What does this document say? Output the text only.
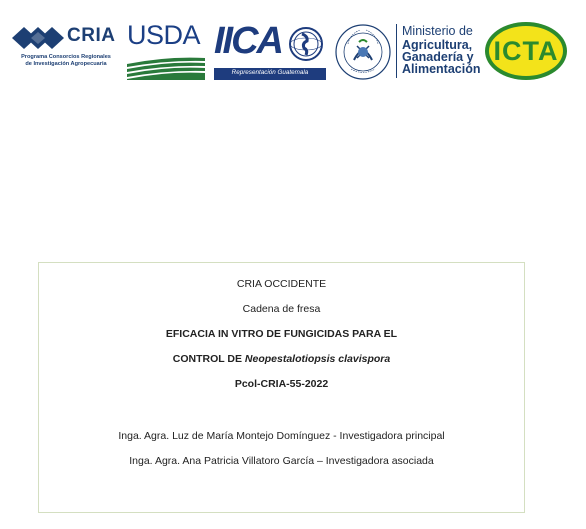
CRIA
Programa Consorcios Regionales
de Investigación Agropecuaria
USDA IICA
Representación Guatemala
Ministerio de
Agricultura,
Ganadería y
Alimentación
ICTA
CRIA OCCIDENTE
Cadena de fresa
EFICACIA IN VITRO DE FUNGICIDAS PARA EL
CONTROL DE Neopestalotiopsis clavispora
Pcol-CRIA-55-2022
Inga. Agra. Luz de María Montejo Domínguez - Investigadora principal
Inga. Agra. Ana Patricia Villatoro García – Investigadora asociada
